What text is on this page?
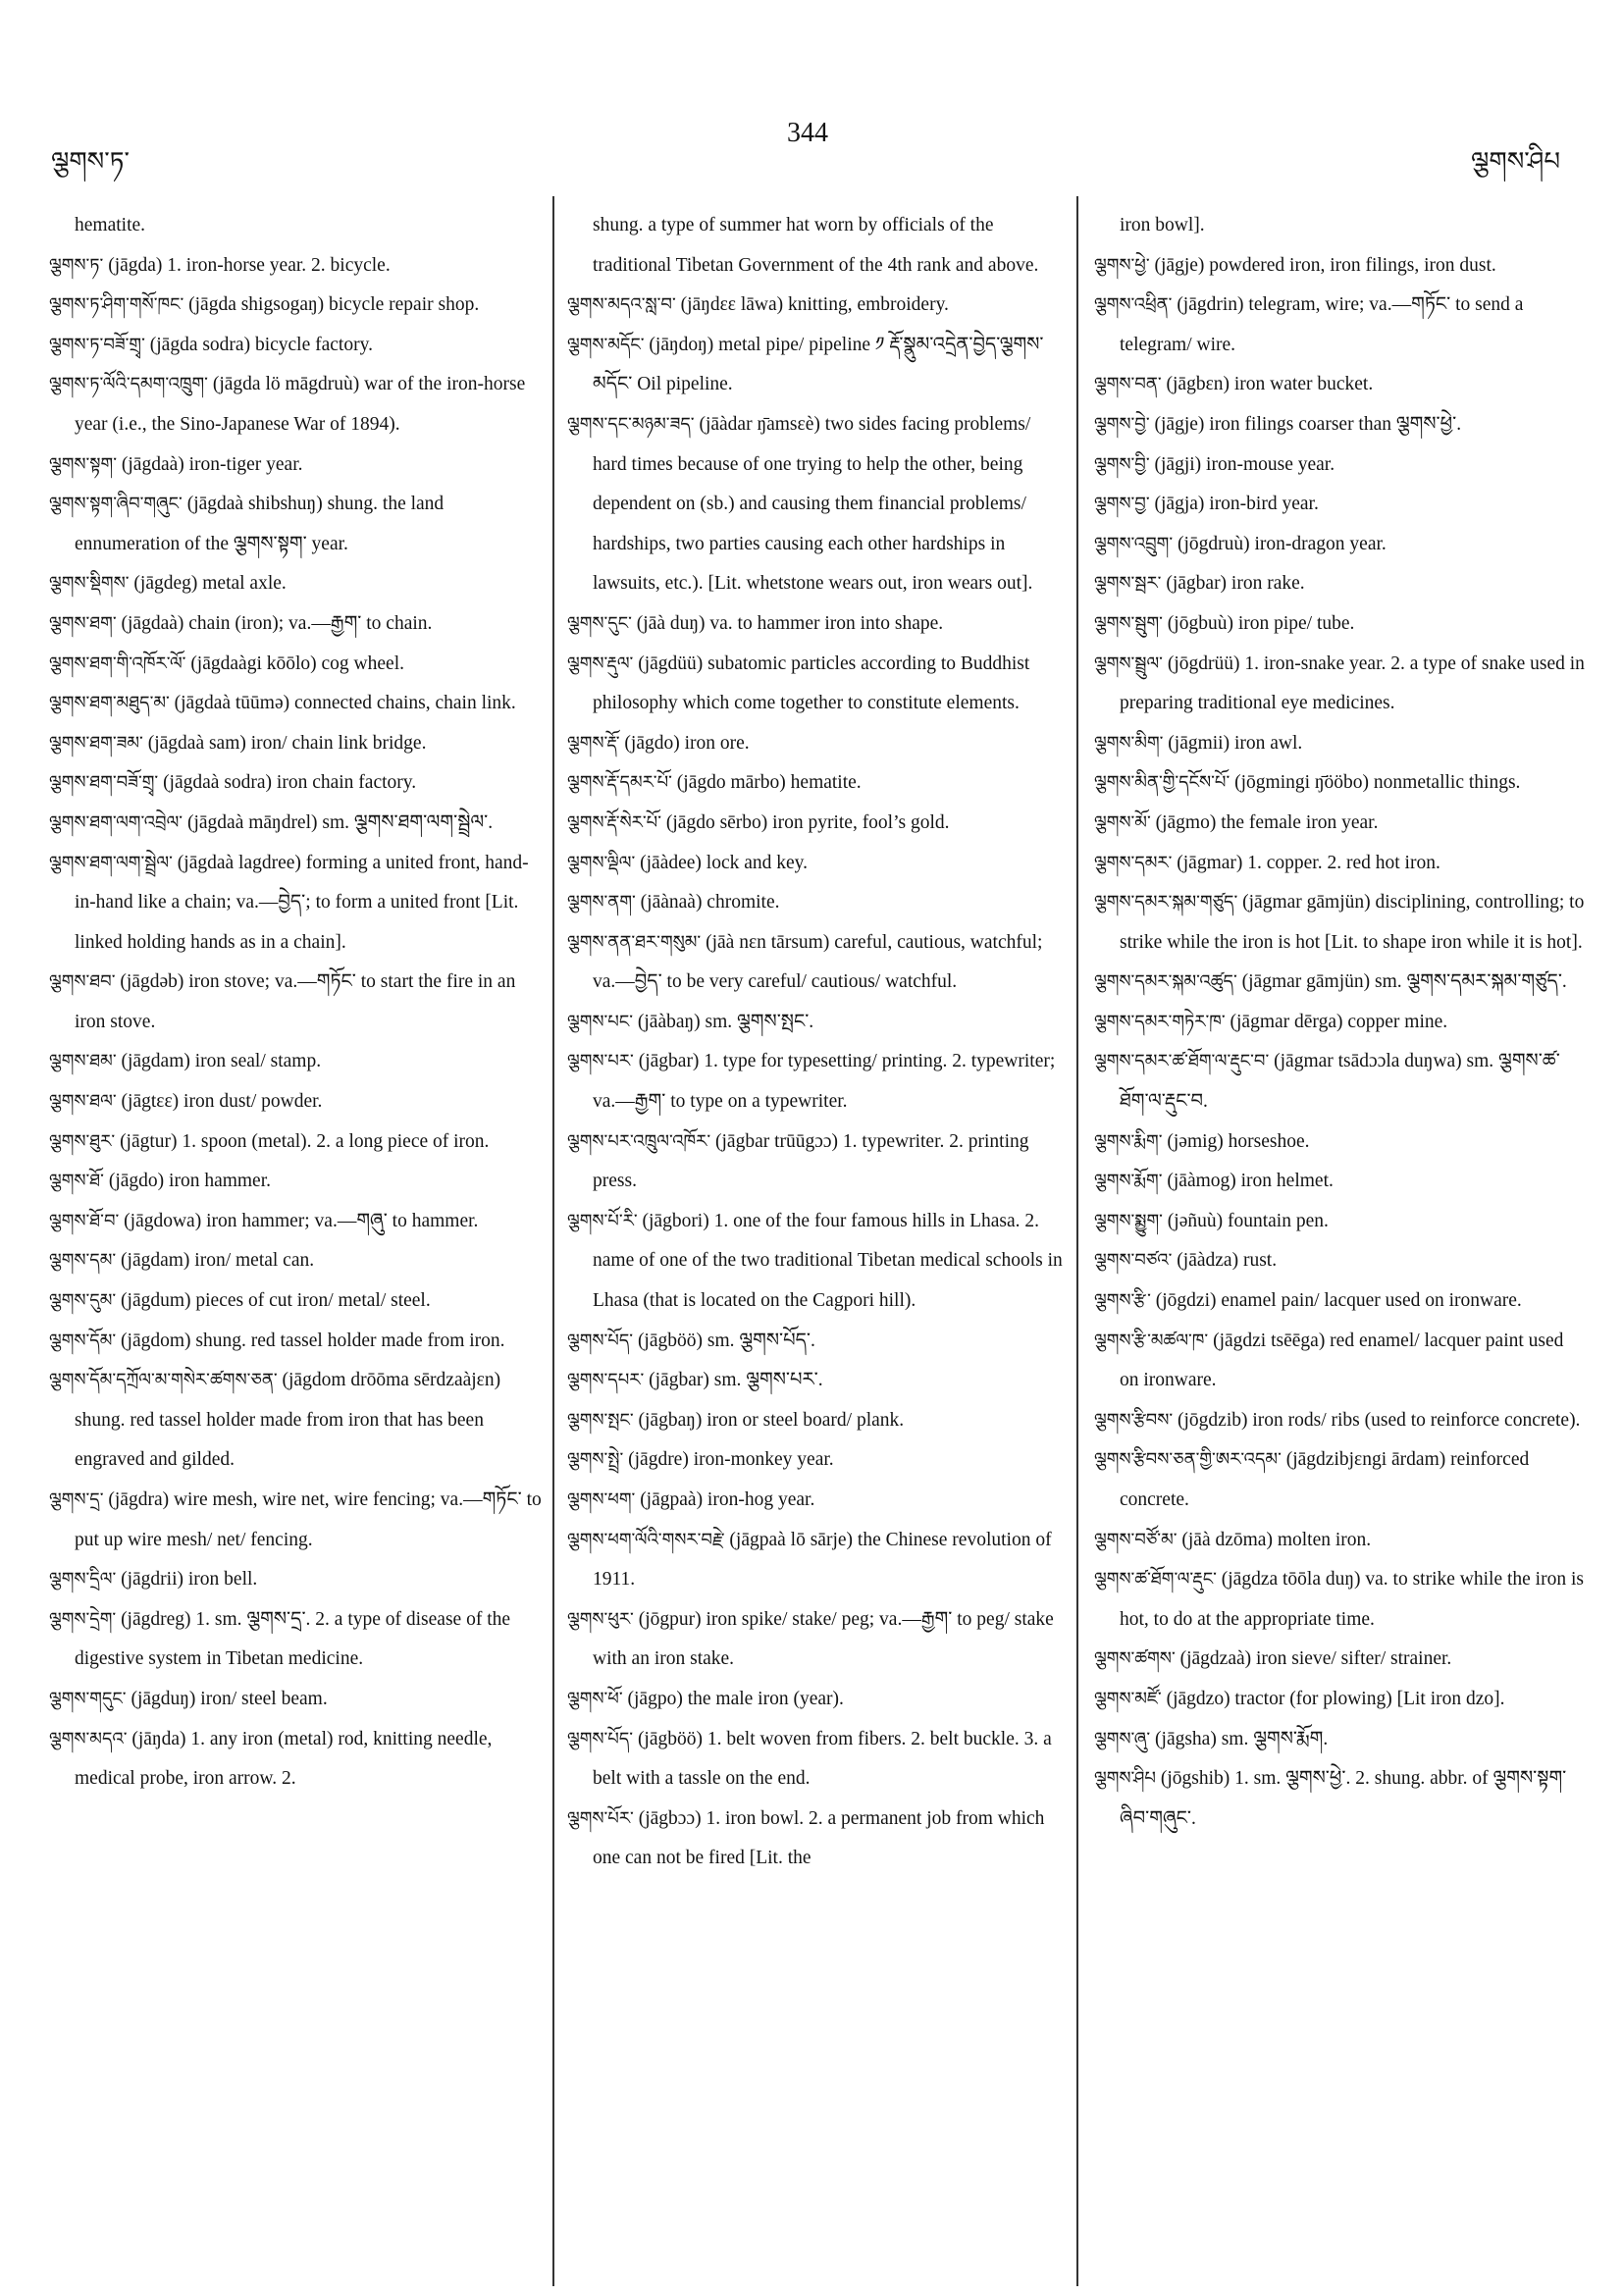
ལྕགས་ཏ་
344
ལྕགས་ཤིཔ

hematite.

ལྕགས་ཏ་ (jāgda) 1. iron-horse year. 2. bicycle.

ལྕགས་ཏ་ཤིག་གསོ་ཁང་ (jāgda shigsogaŋ) bicycle repair shop.

ལྕགས་ཏ་བཟོ་གྲྭ་ (jāgda sodra) bicycle factory.

ལྕགས་ཏ་ལོའི་དམག་འཁྲུག་ (jāgda lö māgdruù) war of the iron-horse year (i.e., the Sino-Japanese War of 1894).

ལྕགས་སྟག་ (jāgdaà) iron-tiger year.

ལྕགས་སྟག་ཞིབ་གཞུང་ (jāgdaà shibshuŋ) shung. the land ennumeration of the ལྕགས་སྟག་ year.

ལྕགས་སྡིགས་ (jāgdeg) metal axle.

ལྕགས་ཐག་ (jāgdaà) chain (iron); va.—རྒྱག་ to chain.

ལྕགས་ཐག་གི་འཁོར་ལོ་ (jāgdaàgi kōōlo) cog wheel.

ལྕགས་ཐག་མཐུད་མ་ (jāgdaà tūūmə) connected chains, chain link.

ལྕགས་ཐག་ཟམ་ (jāgdaà sam) iron/ chain link bridge.

ལྕགས་ཐག་བཟོ་གྲྭ་ (jāgdaà sodra) iron chain factory.

ལྕགས་ཐག་ལག་འབྲེལ་ (jāgdaà māŋdrel) sm. ལྕགས་ཐག་ལག་སྦྲེལ་.

ལྕགས་ཐག་ལག་སྦྲེལ་ (jāgdaà lagdree) forming a united front, hand-in-hand like a chain; va.—བྱེད་; to form a united front [Lit. linked holding hands as in a chain].

ལྕགས་ཐབ་ (jāgdəb) iron stove; va.—གཏོང་ to start the fire in an iron stove.

ལྕགས་ཐམ་ (jāgdam) iron seal/ stamp.

ལྕགས་ཐལ་ (jāgtεε) iron dust/ powder.

ལྕགས་ཐུར་ (jāgtur) 1. spoon (metal). 2. a long piece of iron.

ལྕགས་ཐོ་ (jāgdo) iron hammer.

ལྕགས་ཐོ་བ་ (jāgdowa) iron hammer; va.—གཞུ་ to hammer.

ལྕགས་དམ་ (jāgdam) iron/ metal can.

ལྕགས་དུམ་ (jāgdum) pieces of cut iron/ metal/ steel.

ལྕགས་དོམ་ (jāgdom) shung. red tassel holder made from iron.

ལྕགས་དོམ་དཀྲོལ་མ་གསེར་ཚགས་ཅན་ (jāgdom drōōma sērdzaàjεn) shung. red tassel holder made from iron that has been engraved and gilded.

ལྕགས་དྲ་ (jāgdra) wire mesh, wire net, wire fencing; va.—གཏོང་ to put up wire mesh/ net/ fencing.

ལྕགས་དྲིལ་ (jāgdrii) iron bell.

ལྕགས་དྲེག་ (jāgdreg) 1. sm. ལྕགས་དྲ་. 2. a type of disease of the digestive system in Tibetan medicine.

ལྕགས་གདུང་ (jāgduŋ) iron/ steel beam.

ལྕགས་མདའ་ (jāŋda) 1. any iron (metal) rod, knitting needle, medical probe, iron arrow. 2.

shung. a type of summer hat worn by officials of the traditional Tibetan Government of the 4th rank and above.

ལྕགས་མདའ་སླ་བ་ (jāŋdεε lāwa) knitting, embroidery.

ལྕགས་མདོང་ (jāŋdoŋ) metal pipe/ pipeline ༡ རྡོ་སྣུམ་འདྲེན་བྱེད་ལྕགས་མདོང་ Oil pipeline.

ལྕགས་དང་མཉམ་ཟད་ (jāàdar ŋ̄amsεè) two sides facing problems/ hard times because of one trying to help the other, being dependent on (sb.) and causing them financial problems/ hardships, two parties causing each other hardships in lawsuits, etc.). [Lit. whetstone wears out, iron wears out].

ལྕགས་དུང་ (jāà duŋ) va. to hammer iron into shape.

ལྕགས་རྡུལ་ (jāgdüü) subatomic particles according to Buddhist philosophy which come together to constitute elements.

ལྕགས་རྡོ་ (jāgdo) iron ore.

ལྕགས་རྡོ་དམར་པོ་ (jāgdo mārbo) hematite.

ལྕགས་རྡོ་སེར་པོ་ (jāgdo sērbo) iron pyrite, fool’s gold.

ལྕགས་ལྡིལ་ (jāàdee) lock and key.

ལྕགས་ནག་ (jāànaà) chromite.

ལྕགས་ནན་ཐར་གསུམ་ (jāà nεn tārsum) careful, cautious, watchful; va.—བྱེད་ to be very careful/ cautious/ watchful.

ལྕགས་པང་ (jāàbaŋ) sm. ལྕགས་སྤང་.

ལྕགས་པར་ (jāgbar) 1. type for typesetting/ printing. 2. typewriter; va.—རྒྱག་ to type on a typewriter.

ལྕགས་པར་འཁྲུལ་འཁོར་ (jāgbar trūūgɔɔ) 1. typewriter. 2. printing press.

ལྕགས་པོ་རི་ (jāgbori) 1. one of the four famous hills in Lhasa. 2. name of one of the two traditional Tibetan medical schools in Lhasa (that is located on the Cagpori hill).

ལྕགས་པོད་ (jāgböö) sm. ལྕགས་པོད་.

ལྕགས་དཔར་ (jāgbar) sm. ལྕགས་པར་.

ལྕགས་སྤང་ (jāgbaŋ) iron or steel board/ plank.

ལྕགས་སྤྲེ་ (jāgdre) iron-monkey year.

ལྕགས་ཕག་ (jāgpaà) iron-hog year.

ལྕགས་ཕག་ལོའི་གསར་བརྗེ་ (jāgpaà lō sārje) the Chinese revolution of 1911.

ལྕགས་ཕུར་ (jōgpur) iron spike/ stake/ peg; va.—རྒྱག་ to peg/ stake with an iron stake.

ལྕགས་ཕོ་ (jāgpo) the male iron (year).

ལྕགས་པོད་ (jāgböö) 1. belt woven from fibers. 2. belt buckle. 3. a belt with a tassle on the end.

ལྕགས་པོར་ (jāgbɔɔ) 1. iron bowl. 2. a permanent job from which one can not be fired [Lit. the

iron bowl].

ལྕགས་ཕྱེ་ (jāgje) powdered iron, iron filings, iron dust.

ལྕགས་འཕྲིན་ (jāgdrin) telegram, wire; va.—གཏོང་ to send a telegram/ wire.

ལྕགས་བན་ (jāgbεn) iron water bucket.

ལྕགས་བྱེ་ (jāgje) iron filings coarser than ལྕགས་ཕྱེ་.

ལྕགས་བྱི་ (jāgji) iron-mouse year.

ལྕགས་བྱ་ (jāgja) iron-bird year.

ལྕགས་འབྲུག་ (jōgdruù) iron-dragon year.

ལྕགས་སྦར་ (jāgbar) iron rake.

ལྕགས་སྦུག་ (jōgbuù) iron pipe/ tube.

ལྕགས་སྦྲུལ་ (jōgdrüü) 1. iron-snake year. 2. a type of snake used in preparing traditional eye medicines.

ལྕགས་མིག་ (jāgmii) iron awl.

ལྕགས་མིན་གྱི་དངོས་པོ་ (jōgmingi ŋ̄ööbo) nonmetallic things.

ལྕགས་མོ་ (jāgmo) the female iron year.

ལྕགས་དམར་ (jāgmar) 1. copper. 2. red hot iron.

ལྕགས་དམར་སྐམ་གཙུད་ (jāgmar gāmjün) disciplining, controlling; to strike while the iron is hot [Lit. to shape iron while it is hot].

ལྕགས་དམར་སྐམ་འཚུད་ (jāgmar gāmjün) sm. ལྕགས་དམར་སྐམ་གཙུད་.

ལྕགས་དམར་གཏེར་ཁ་ (jāgmar dērga) copper mine.

ལྕགས་དམར་ཚ་ཐོག་ལ་རྡུང་བ་ (jāgmar tsādɔɔla duŋwa) sm. ལྕགས་ཚ་ཐོག་ལ་རྡུང་བ.

ལྕགས་རྨིག་ (jəmig) horseshoe.

ལྕགས་རྨོག་ (jāàmog) iron helmet.

ལྕགས་སྨྱུག་ (jəñuù) fountain pen.

ལྕགས་བཙའ་ (jāàdza) rust.

ལྕགས་རྩི་ (jōgdzi) enamel pain/ lacquer used on ironware.

ལྕགས་རྩི་མཚལ་ཁ་ (jāgdzi tsēēga) red enamel/ lacquer paint used on ironware.

ལྕགས་རྩིབས་ (jōgdzib) iron rods/ ribs (used to reinforce concrete).

ལྕགས་རྩིབས་ཅན་གྱི་ཨར་འདམ་ (jāgdzibjεngi ārdam) reinforced concrete.

ལྕགས་བཙོ་མ་ (jāà dzōma) molten iron.

ལྕགས་ཚ་ཐོག་ལ་རྡུང་ (jāgdza tōōla duŋ) va. to strike while the iron is hot, to do at the appropriate time.

ལྕགས་ཚགས་ (jāgdzaà) iron sieve/ sifter/ strainer.

ལྕགས་མཛོ་ (jāgdzo) tractor (for plowing) [Lit iron dzo].

ལྕགས་ཞུ་ (jāgsha) sm. ལྕགས་རྨོག.

ལྕགས་ཤིཔ (jōgshib) 1. sm. ལྕགས་ཕྱེ་. 2. shung. abbr. of ལྕགས་སྟག་ཞིབ་གཞུང་.
